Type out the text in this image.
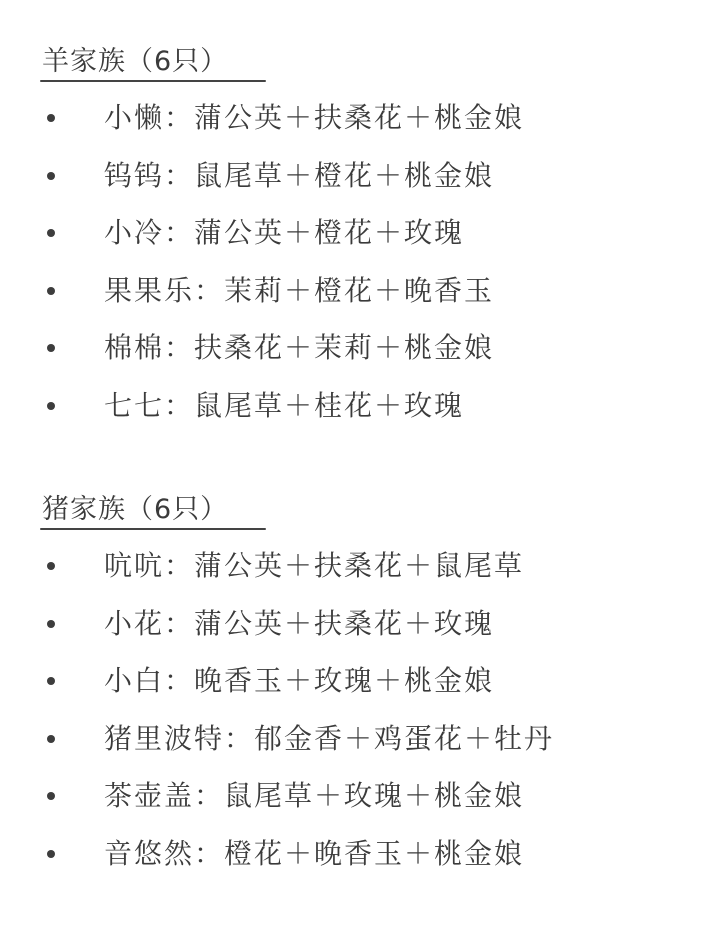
羊家族（6只）
小懒：蒲公英＋扶桑花＋桃金娘
钨钨：鼠尾草＋橙花＋桃金娘
小冷：蒲公英＋橙花＋玫瑰
果果乐：茉莉＋橙花＋晚香玉
棉棉：扶桑花＋茉莉＋桃金娘
七七：鼠尾草＋桂花＋玫瑰
猪家族（6只）
吭吭：蒲公英＋扶桑花＋鼠尾草
小花：蒲公英＋扶桑花＋玫瑰
小白：晚香玉＋玫瑰＋桃金娘
猪里波特：郁金香＋鸡蛋花＋牡丹
茶壶盖：鼠尾草＋玫瑰＋桃金娘
音悠然：橙花＋晚香玉＋桃金娘
